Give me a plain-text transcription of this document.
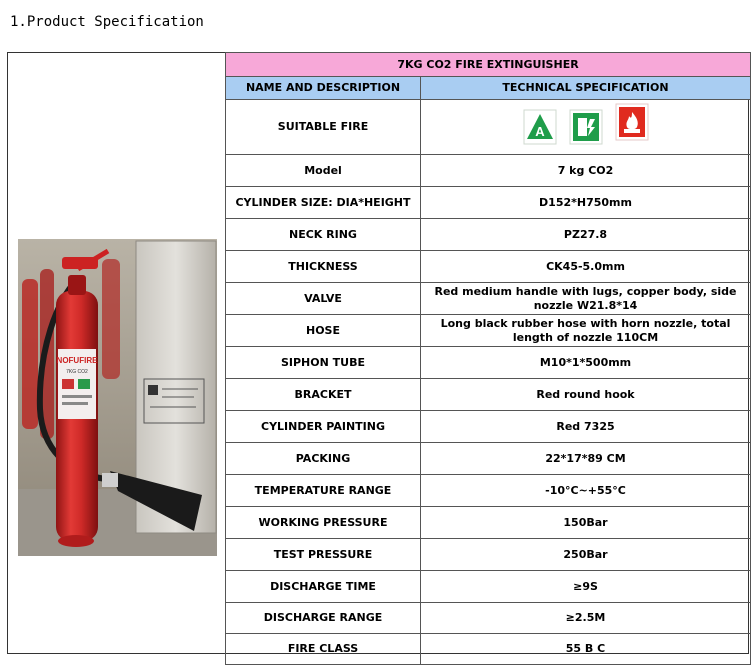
1.Product Specification
NOFUFIRE
7KG CO2
7KG CO2 FIRE EXTINGUISHER	
NAME AND DESCRIPTION	TECHNICAL SPECIFICATION
SUITABLE FIRE	A

Model	7 kg CO2
CYLINDER SIZE: DIA*HEIGHT	D152*H750mm
NECK RING	PZ27.8
THICKNESS	CK45-5.0mm
VALVE	Red medium handle with lugs, copper body, side nozzle W21.8*14
HOSE	Long black rubber hose with horn nozzle, total length of nozzle 110CM
SIPHON TUBE	M10*1*500mm
BRACKET	Red round hook
CYLINDER PAINTING	Red 7325
PACKING	22*17*89 CM
TEMPERATURE RANGE	-10°C~+55°C
WORKING PRESSURE	150Bar
TEST PRESSURE	250Bar
DISCHARGE TIME	≥9S
DISCHARGE RANGE	≥2.5M
FIRE CLASS	55 B C
